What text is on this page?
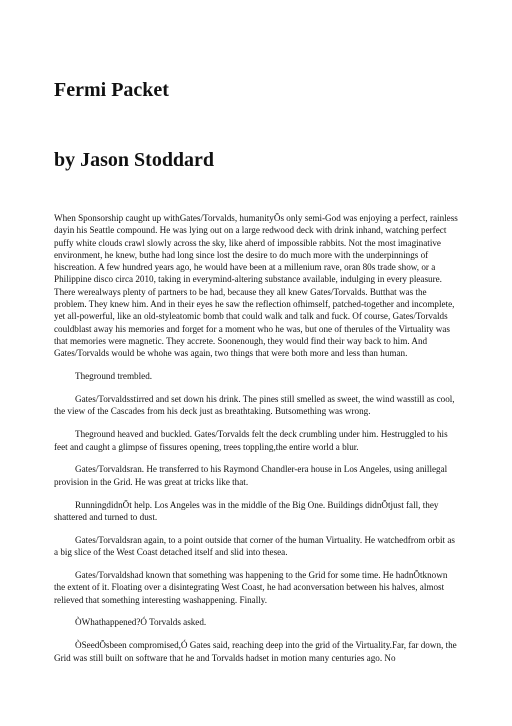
Fermi Packet
by Jason Stoddard

When Sponsorship caught up withGates/Torvalds, humanityÕs only semi-God was enjoying a perfect, rainless dayin his Seattle compound. He was lying out on a large redwood deck with drink inhand, watching perfect puffy white clouds crawl slowly across the sky, like aherd of impossible rabbits. Not the most imaginative environment, he knew, buthe had long since lost the desire to do much more with the underpinnings of hiscreation. A few hundred years ago, he would have been at a millenium rave, oran 80s trade show, or a Philippine disco circa 2010, taking in everymind-altering substance available, indulging in every pleasure. There werealways plenty of partners to be had, because they all knew Gates/Torvalds. Butthat was the problem. They knew him. And in their eyes he saw the reflection ofhimself, patched-together and incomplete, yet all-powerful, like an old-styleatomic bomb that could walk and talk and fuck. Of course, Gates/Torvalds couldblast away his memories and forget for a moment who he was, but one of therules of the Virtuality was that memories were magnetic. They accrete. Soonenough, they would find their way back to him. And Gates/Torvalds would be whohe was again, two things that were both more and less than human.

Theground trembled.

Gates/Torvaldsstirred and set down his drink. The pines still smelled as sweet, the wind wasstill as cool, the view of the Cascades from his deck just as breathtaking. Butsomething was wrong.

Theground heaved and buckled. Gates/Torvalds felt the deck crumbling under him. Hestruggled to his feet and caught a glimpse of fissures opening, trees toppling,the entire world a blur.

Gates/Torvaldsran. He transferred to his Raymond Chandler-era house in Los Angeles, using anillegal provision in the Grid. He was great at tricks like that.

RunningdidnÕt help. Los Angeles was in the middle of the Big One. Buildings didnÕtjust fall, they shattered and turned to dust.

Gates/Torvaldsran again, to a point outside that corner of the human Virtuality. He watchedfrom orbit as a big slice of the West Coast detached itself and slid into thesea.

Gates/Torvaldshad known that something was happening to the Grid for some time. He hadnÕtknown the extent of it. Floating over a disintegrating West Coast, he had aconversation between his halves, almost relieved that something interesting washappening. Finally.

ÒWhathappened?Ó Torvalds asked.

ÒSeedÕsbeen compromised,Ó Gates said, reaching deep into the grid of the Virtuality.Far, far down, the Grid was still built on software that he and Torvalds hadset in motion many centuries ago. No
